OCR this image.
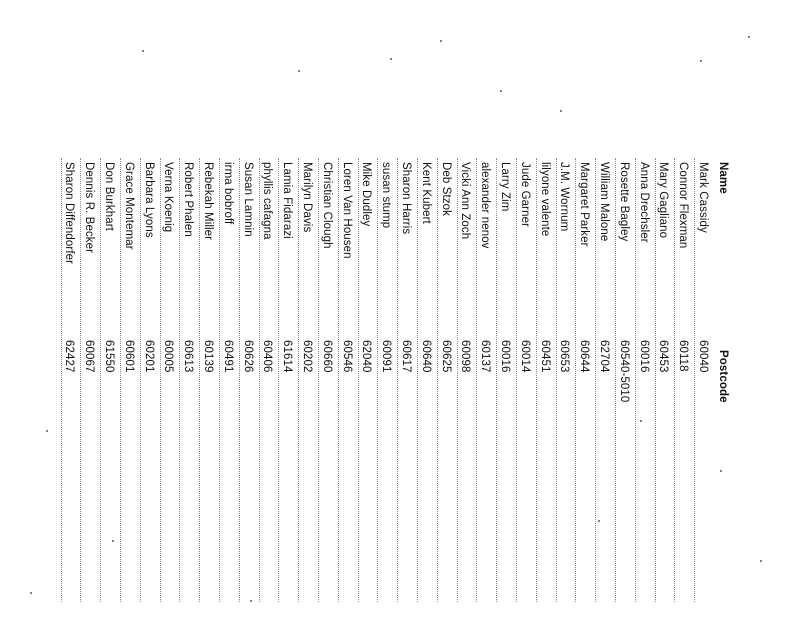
Name
Postcode
Mark Cassidy
60040
Connor Flexman
60118
Mary Gagliano
60453
Anna Drechsler
60016
Rosette Bagley
60540-5010
William Malone
62704
Margaret Parker
60644
J.M. Wornum
60653
lilyone valente
60451
Jude Garner
60014
Larry Zim
60016
alexander nenov
60137
Vicki Ann Zoch
60098
Deb Stzok
60625
Kent Kubert
60640
Sharon Harris
60617
susan stump
60091
Mike Dudley
62040
Loren Van Housen
60546
Christian Clough
60660
Marilyn Davis
60202
Lamia Fidarazi
61614
phyllis cafagna
60406
Susan Lamnin
60626
irma bobroff
60491
Rebekah Miller
60139
Robert Phalen
60613
Verna Koenig
60005
Barbara Lyons
60201
Grace Montemar
60601
Don Burkhart
61550
Dennis R. Becker
60067
Sharon Diffendorfer
62427
